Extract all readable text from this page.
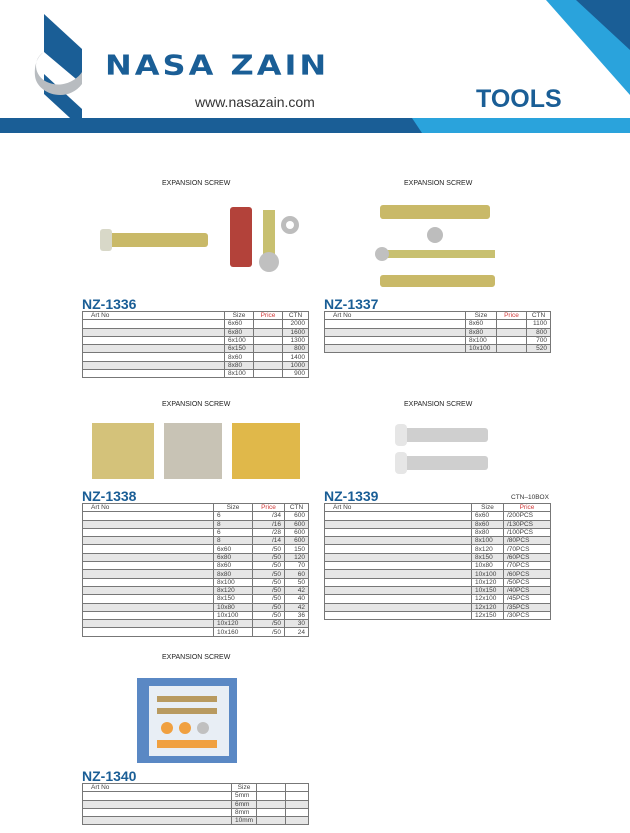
NASA ZAIN
www.nasazain.com	TOOLS
EXPANSION SCREW	EXPANSION SCREW
EXPANSION SCREW	EXPANSION SCREW
EXPANSION SCREW
NZ-1336	NZ-1337
NZ-1338	NZ-1339	CTN–10BOX
NZ-1340
Art No	Size	Price	CTN
	6x60		2000
	6x80		1600
	6x100		1300
	6x150		800
	8x60		1400
	8x80		1000
	8x100		900
Art No	Size	Price	CTN
	8x60		1100
	8x80		800
	8x100		700
	10x100		520
Art No	Size	Price	CTN
	6	/34	600
	8	/16	600
	6	/28	600
	8	/14	600
	6x60	/50	150
	6x80	/50	120
	8x60	/50	70
	8x80	/50	60
	8x100	/50	50
	8x120	/50	42
	8x150	/50	40
	10x80	/50	42
	10x100	/50	36
	10x120	/50	30
	10x160	/50	24
Art No	Size	Price
	6x60	/200PCS
	8x60	/130PCS
	8x80	/100PCS
	8x100	/80PCS
	8x120	/70PCS
	8x150	/60PCS
	10x80	/70PCS
	10x100	/60PCS
	10x120	/50PCS
	10x150	/40PCS
	12x100	/45PCS
	12x120	/35PCS
	12x150	/30PCS
Art No	Size		
	5mm		
	6mm		
	8mm		
	10mm		
